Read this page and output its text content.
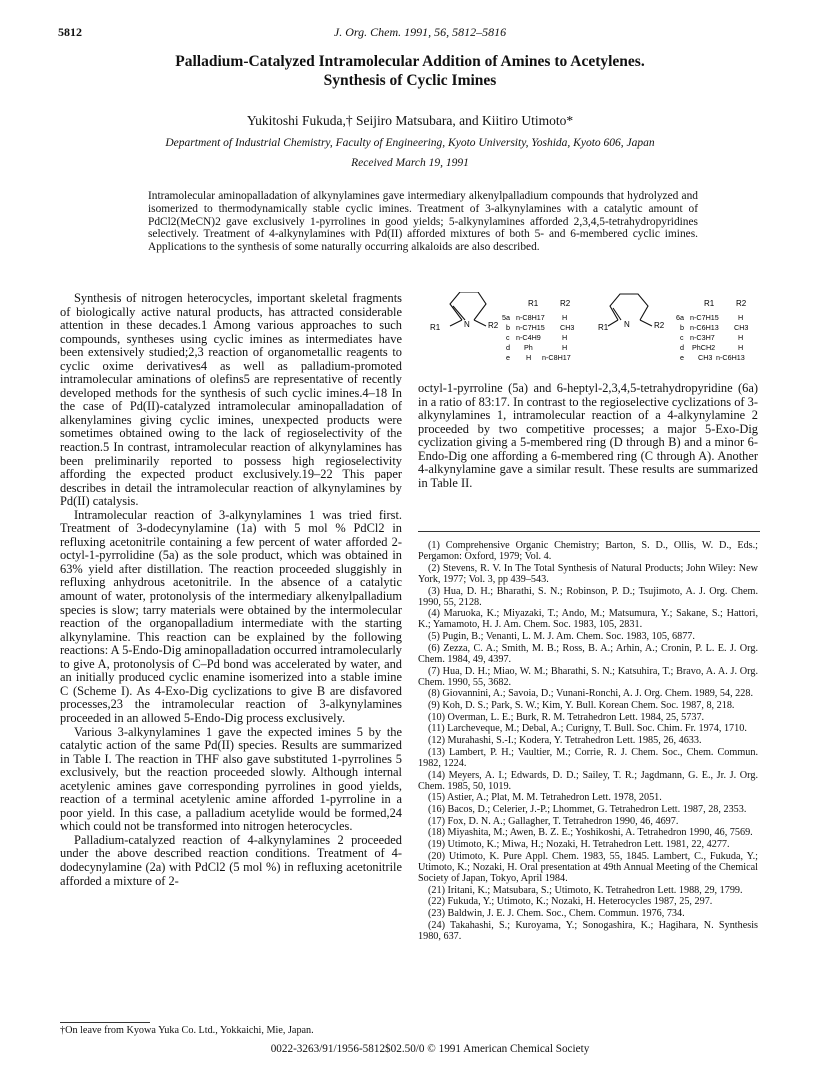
5812	J. Org. Chem. 1991, 56, 5812–5816
Palladium-Catalyzed Intramolecular Addition of Amines to Acetylenes.
Synthesis of Cyclic Imines
Yukitoshi Fukuda,† Seijiro Matsubara, and Kiitiro Utimoto*
Department of Industrial Chemistry, Faculty of Engineering, Kyoto University, Yoshida, Kyoto 606, Japan
Received March 19, 1991
Intramolecular aminopalladation of alkynylamines gave intermediary alkenylpalladium compounds that hydrolyzed and isomerized to thermodynamically stable cyclic imines. Treatment of 3-alkynylamines with a catalytic amount of PdCl2(MeCN)2 gave exclusively 1-pyrrolines in good yields; 5-alkynylamines afforded 2,3,4,5-tetrahydropyridines selectively. Treatment of 4-alkynylamines with Pd(II) afforded mixtures of both 5- and 6-membered cyclic imines. Applications to the synthesis of some naturally occurring alkaloids are also described.

Synthesis of nitrogen heterocycles, important skeletal fragments of biologically active natural products, has attracted considerable attention in these decades.1 Among various approaches to such compounds, syntheses using cyclic imines as intermediates have been extensively studied;2,3 reaction of organometallic reagents to cyclic oxime derivatives4 as well as palladium-promoted intramolecular aminations of olefins5 are representative of recently developed methods for the synthesis of such cyclic imines.4–18 In the case of Pd(II)-catalyzed intramolecular aminopalladation of alkenylamines giving cyclic imines, unexpected products were sometimes obtained owing to the lack of regioselectivity of the reaction.5 In contrast, intramolecular reaction of alkynylamines has been preliminarily reported to possess high regioselectivity affording the expected product exclusively.19–22 This paper describes in detail the intramolecular reaction of alkynylamines by Pd(II) catalysis.

Intramolecular reaction of 3-alkynylamines 1 was tried first. Treatment of 3-dodecynylamine (1a) with 5 mol % PdCl2 in refluxing acetonitrile containing a few percent of water afforded 2-octyl-1-pyrrolidine (5a) as the sole product, which was obtained in 63% yield after distillation. The reaction proceeded sluggishly in refluxing anhydrous acetonitrile. In the absence of a catalytic amount of water, protonolysis of the intermediary alkenylpalladium species is slow; tarry materials were obtained by the intermolecular reaction of the organopalladium intermediate with the starting alkynylamine. This reaction can be explained by the following reactions: A 5-Endo-Dig aminopalladation occurred intramolecularly to give A, protonolysis of C–Pd bond was accelerated by water, and an initially produced cyclic enamine isomerized into a stable imine C (Scheme I). As 4-Exo-Dig cyclizations to give B are disfavored processes,23 the intramolecular reaction of 3-alkynylamines proceeded in an allowed 5-Endo-Dig process exclusively.

Various 3-alkynylamines 1 gave the expected imines 5 by the catalytic action of the same Pd(II) species. Results are summarized in Table I. The reaction in THF also gave substituted 1-pyrrolines 5 exclusively, but the reaction proceeded slowly. Although internal acetylenic amines gave corresponding pyrrolines in good yields, reaction of a terminal acetylenic amine afforded 1-pyrroline in a poor yield. In this case, a palladium acetylide would be formed,24 which could not be transformed into nitrogen heterocycles.

Palladium-catalyzed reaction of 4-alkynylamines 2 proceeded under the above described reaction conditions. Treatment of 4-dodecynylamine (2a) with PdCl2 (5 mol %) in refluxing acetonitrile afforded a mixture of 2-

R1	N R2
R1	R2
5a n-C8H17 H
b n-C7H15 CH3
c n-C4H9	H
d Ph	H
e H n-C8H17
R1 N	R2
R1	R2
6a n-C7H15	H
b n-C6H13 CH3
c n-C3H7	H
d PhCH2	H
e CH3 n-C6H13

octyl-1-pyrroline (5a) and 6-heptyl-2,3,4,5-tetrahydropyridine (6a) in a ratio of 83:17. In contrast to the regioselective cyclizations of 3-alkynylamines 1, intramolecular reaction of a 4-alkynylamine 2 proceeded by two competitive processes; a major 5-Exo-Dig cyclization giving a 5-membered ring (D through B) and a minor 6-Endo-Dig one affording a 6-membered ring (C through A). Another 4-alkynylamine gave a similar result. These results are summarized in Table II.

(1) Comprehensive Organic Chemistry; Barton, S. D., Ollis, W. D., Eds.; Pergamon: Oxford, 1979; Vol. 4.

(2) Stevens, R. V. In The Total Synthesis of Natural Products; John Wiley: New York, 1977; Vol. 3, pp 439–543.

(3) Hua, D. H.; Bharathi, S. N.; Robinson, P. D.; Tsujimoto, A. J. Org. Chem. 1990, 55, 2128.

(4) Maruoka, K.; Miyazaki, T.; Ando, M.; Matsumura, Y.; Sakane, S.; Hattori, K.; Yamamoto, H. J. Am. Chem. Soc. 1983, 105, 2831.

(5) Pugin, B.; Venanti, L. M. J. Am. Chem. Soc. 1983, 105, 6877.

(6) Zezza, C. A.; Smith, M. B.; Ross, B. A.; Arhin, A.; Cronin, P. L. E. J. Org. Chem. 1984, 49, 4397.

(7) Hua, D. H.; Miao, W. M.; Bharathi, S. N.; Katsuhira, T.; Bravo, A. A. J. Org. Chem. 1990, 55, 3682.

(8) Giovannini, A.; Savoia, D.; Vunani-Ronchi, A. J. Org. Chem. 1989, 54, 228.

(9) Koh, D. S.; Park, S. W.; Kim, Y. Bull. Korean Chem. Soc. 1987, 8, 218.

(10) Overman, L. E.; Burk, R. M. Tetrahedron Lett. 1984, 25, 5737.

(11) Larcheveque, M.; Debal, A.; Curigny, T. Bull. Soc. Chim. Fr. 1974, 1710.

(12) Murahashi, S.-I.; Kodera, Y. Tetrahedron Lett. 1985, 26, 4633.

(13) Lambert, P. H.; Vaultier, M.; Corrie, R. J. Chem. Soc., Chem. Commun. 1982, 1224.

(14) Meyers, A. I.; Edwards, D. D.; Sailey, T. R.; Jagdmann, G. E., Jr. J. Org. Chem. 1985, 50, 1019.

(15) Astier, A.; Plat, M. M. Tetrahedron Lett. 1978, 2051.

(16) Bacos, D.; Celerier, J.-P.; Lhommet, G. Tetrahedron Lett. 1987, 28, 2353.

(17) Fox, D. N. A.; Gallagher, T. Tetrahedron 1990, 46, 4697.

(18) Miyashita, M.; Awen, B. Z. E.; Yoshikoshi, A. Tetrahedron 1990, 46, 7569.

(19) Utimoto, K.; Miwa, H.; Nozaki, H. Tetrahedron Lett. 1981, 22, 4277.

(20) Utimoto, K. Pure Appl. Chem. 1983, 55, 1845. Lambert, C., Fukuda, Y.; Utimoto, K.; Nozaki, H. Oral presentation at 49th Annual Meeting of the Chemical Society of Japan, Tokyo, April 1984.

(21) Iritani, K.; Matsubara, S.; Utimoto, K. Tetrahedron Lett. 1988, 29, 1799.

(22) Fukuda, Y.; Utimoto, K.; Nozaki, H. Heterocycles 1987, 25, 297.

(23) Baldwin, J. E. J. Chem. Soc., Chem. Commun. 1976, 734.

(24) Takahashi, S.; Kuroyama, Y.; Sonogashira, K.; Hagihara, N. Synthesis 1980, 637.

†On leave from Kyowa Yuka Co. Ltd., Yokkaichi, Mie, Japan.
0022-3263/91/1956-5812$02.50/0 © 1991 American Chemical Society
